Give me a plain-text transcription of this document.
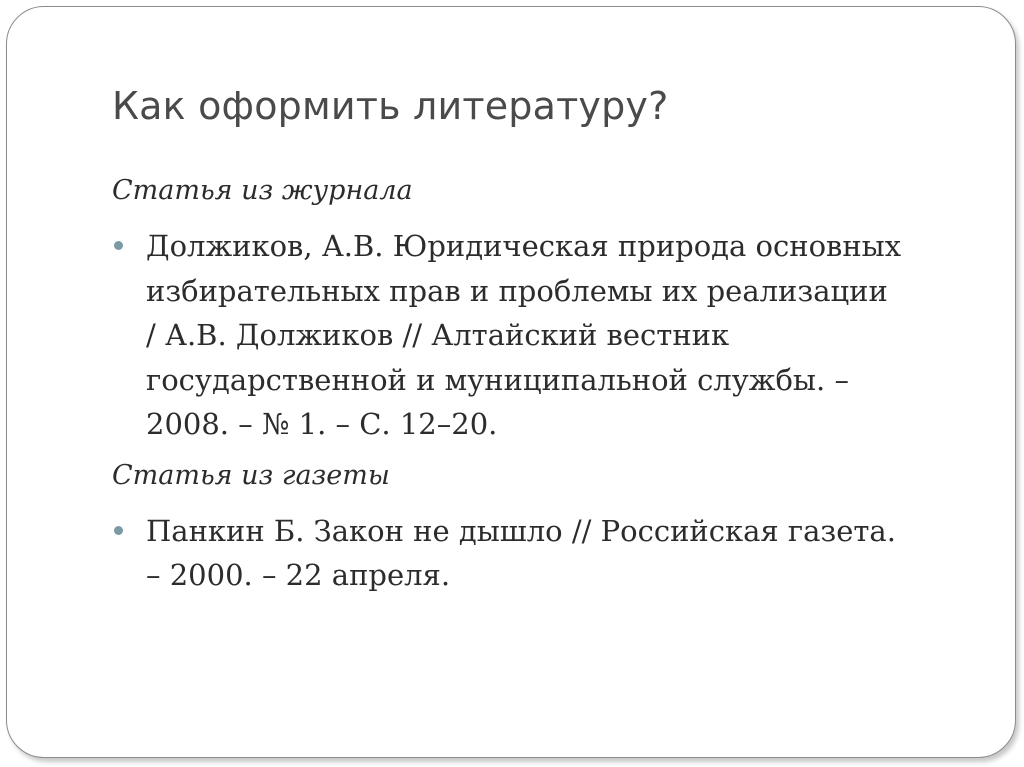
Как оформить литературу?

Статья из журнала

Должиков, А.В. Юридическая природа основных
избирательных прав и проблемы их реализации
/ А.В. Должиков // Алтайский вестник
государственной и муниципальной службы. –
2008. – № 1. – С. 12–20.

Статья из газеты

Панкин Б. Закон не дышло // Российская газета.
– 2000. – 22 апреля.
